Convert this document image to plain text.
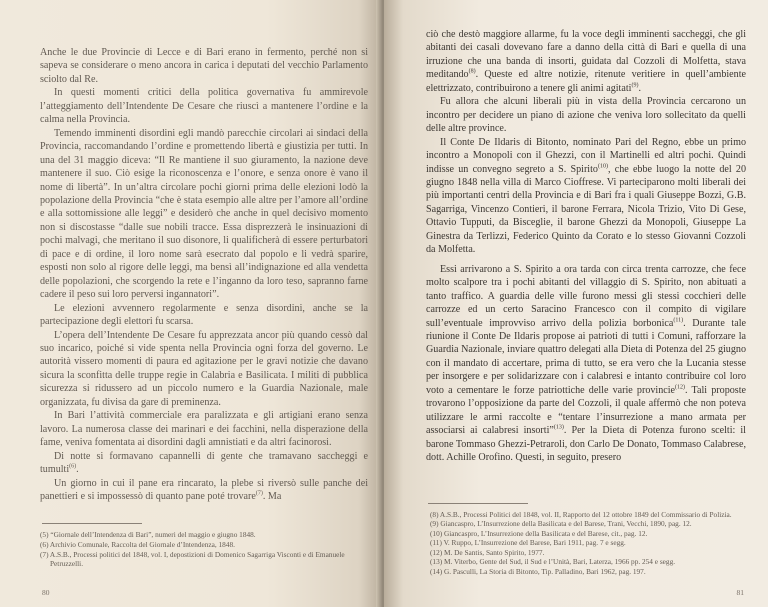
Anche le due Provincie di Lecce e di Bari erano in fermento, perché non si sapeva se considerare o meno ancora in carica i deputati del vecchio Parlamento sciolto dal Re.

In questi momenti critici della politica governativa fu ammirevole l’atteggiamento dell’Intendente De Cesare che riuscì a mantenere l’ordine e la calma nella Provincia.

Temendo imminenti disordini egli mandò parecchie circolari ai sindaci della Provincia, raccomandando l’ordine e promettendo libertà e giustizia per tutti. In una del 31 maggio diceva: “Il Re mantiene il suo giuramento, la nazione deve mantenere il suo. Ciò esige la riconoscenza e l’onore, e senza onore è vano il nome di libertà”. In un’altra circolare pochi giorni prima delle elezioni lodò la popolazione della Provincia “che è stata esempio alle altre per l’amore all’ordine e alla sottomissione alle leggi” e desiderò che anche in quel decisivo momento non si discostasse “dalle sue nobili tracce. Essa disprezzerà le insinuazioni di pochi malvagi, che meritano il suo disonore, li qualificherà di essere perturbatori di pace e di ordine, il loro nome sarà esecrato dal popolo e li vedrà sparire, esposti non solo al rigore delle leggi, ma bensì all’indignazione ed alla vendetta delle popolazioni, che scorgendo la rete e l’inganno da loro teso, sapranno farne cadere il peso sui loro perversi ingannatori”.

Le elezioni avvennero regolarmente e senza disordini, anche se la partecipazione degli elettori fu scarsa.

L’opera dell’Intendente De Cesare fu apprezzata ancor più quando cessò dal suo incarico, poiché si vide spenta nella Provincia ogni forza del governo. Le autorità vissero momenti di paura ed agitazione per le gravi notizie che davano sicura la sconfitta delle truppe regie in Calabria e Basilicata. I militi di pubblica sicurezza si ridussero ad un piccolo numero e la Guardia Nazionale, male organizzata, fu divisa da gare di preminenza.

In Bari l’attività commerciale era paralizzata e gli artigiani erano senza lavoro. La numerosa classe dei marinari e dei facchini, nella disperazione della fame, veniva fomentata ai disordini dagli amnistiati e da altri facinorosi.

Di notte si formavano capannelli di gente che tramavano saccheggi e tumulti$^{(6)}$.

Un giorno in cui il pane era rincarato, la plebe si riversò sulle panche dei panettieri e si impossessò di quanto pane poté trovare$^{(7)}$. Ma

(5) “Giornale dell’Intendenza di Bari”, numeri del maggio e giugno 1848.
(6) Archivio Comunale, Raccolta del Giornale d’Intendenza, 1848.
(7) A.S.B., Processi politici del 1848, vol. I, depostizioni di Domenico Sagarriga Visconti e di Emanuele Petruzzelli.
80

ciò che destò maggiore allarme, fu la voce degli imminenti saccheggi, che gli abitanti dei casali dovevano fare a danno della città di Bari e quella di una irruzione che una banda di insorti, guidata dal Cozzoli di Molfetta, stava meditando$^{(8)}$. Queste ed altre notizie, ritenute veritiere in quell’ambiente elettrizzato, contribuirono a tenere gli animi agitati$^{(9)}$.

Fu allora che alcuni liberali più in vista della Provincia cercarono un incontro per decidere un piano di azione che veniva loro sollecitato da quelli delle altre province.

Il Conte De Ildaris di Bitonto, nominato Pari del Regno, ebbe un primo incontro a Monopoli con il Ghezzi, con il Martinelli ed altri pochi. Quindi indisse un convegno segreto a S. Spirito$^{(10)}$, che ebbe luogo la notte del 20 giugno 1848 nella villa di Marco Cioffrese. Vi parteciparono molti liberali dei più importanti centri della Provincia e di Bari fra i quali Giuseppe Bozzi, G.B. Sagarriga, Vincenzo Contieri, il barone Ferrara, Nicola Trizio, Vito Di Gese, Ottavio Tupputi, da Bisceglie, il barone Ghezzi da Monopoli, Giuseppe La Ginestra da Terlizzi, Federico Quinto da Corato e lo stesso Giovanni Cozzoli da Molfetta.

Essi arrivarono a S. Spirito a ora tarda con circa trenta carrozze, che fece molto scalpore tra i pochi abitanti del villaggio di S. Spirito, non abituati a tanto traffico. A guardia delle ville furono messi gli stessi cocchieri delle carrozze ed un certo Saracino Francesco con il compito di vigilare sull’eventuale improvviso arrivo della polizia borbonica$^{(11)}$. Durante tale riunione il Conte De Ildaris propose ai patrioti di tutti i Comuni, rafforzare la Guardia Nazionale, inviare quattro delegati alla Dieta di Potenza del 25 giugno con il mandato di accertare, prima di tutto, se era vero che la Lucania stesse per insorgere e per solidarizzare con i calabresi e intanto contribuire col loro voto a cementare le forze patriottiche delle varie provincie$^{(12)}$. Tali proposte trovarono l’opposizione da parte del Cozzoli, il quale affermò che non poteva utilizzare le armi raccolte e “tentare l’insurrezione a mano armata per associarsi ai calabresi insorti”$^{(13)}$. Per la Dieta di Potenza furono scelti: il barone Tommaso Ghezzi-Petraroli, don Carlo De Donato, Tommaso Calabrese, dott. Achille Orofino. Questi, in seguito, presero

(8) A.S.B., Processi Politici del 1848, vol. II, Rapporto del 12 ottobre 1849 del Commissario di Polizia.
(9) Giancaspro, L’Insurrezione della Basilicata e del Barese, Trani, Vecchi, 1890, pag. 12.
(10) Giancaspro, L’Insurrezione della Basilicata e del Barese, cit., pag. 12.
(11) V. Ruppo, L’Insurrezione del Barese, Bari 1911, pag. 7 e segg.
(12) M. De Santis, Santo Spirito, 1977.
(13) M. Viterbo, Gente del Sud, il Sud e l’Unità, Bari, Laterza, 1966 pp. 254 e segg.
(14) G. Pasculli, La Storia di Bitonto, Tip. Palladino, Bari 1962, pag. 197.
81
